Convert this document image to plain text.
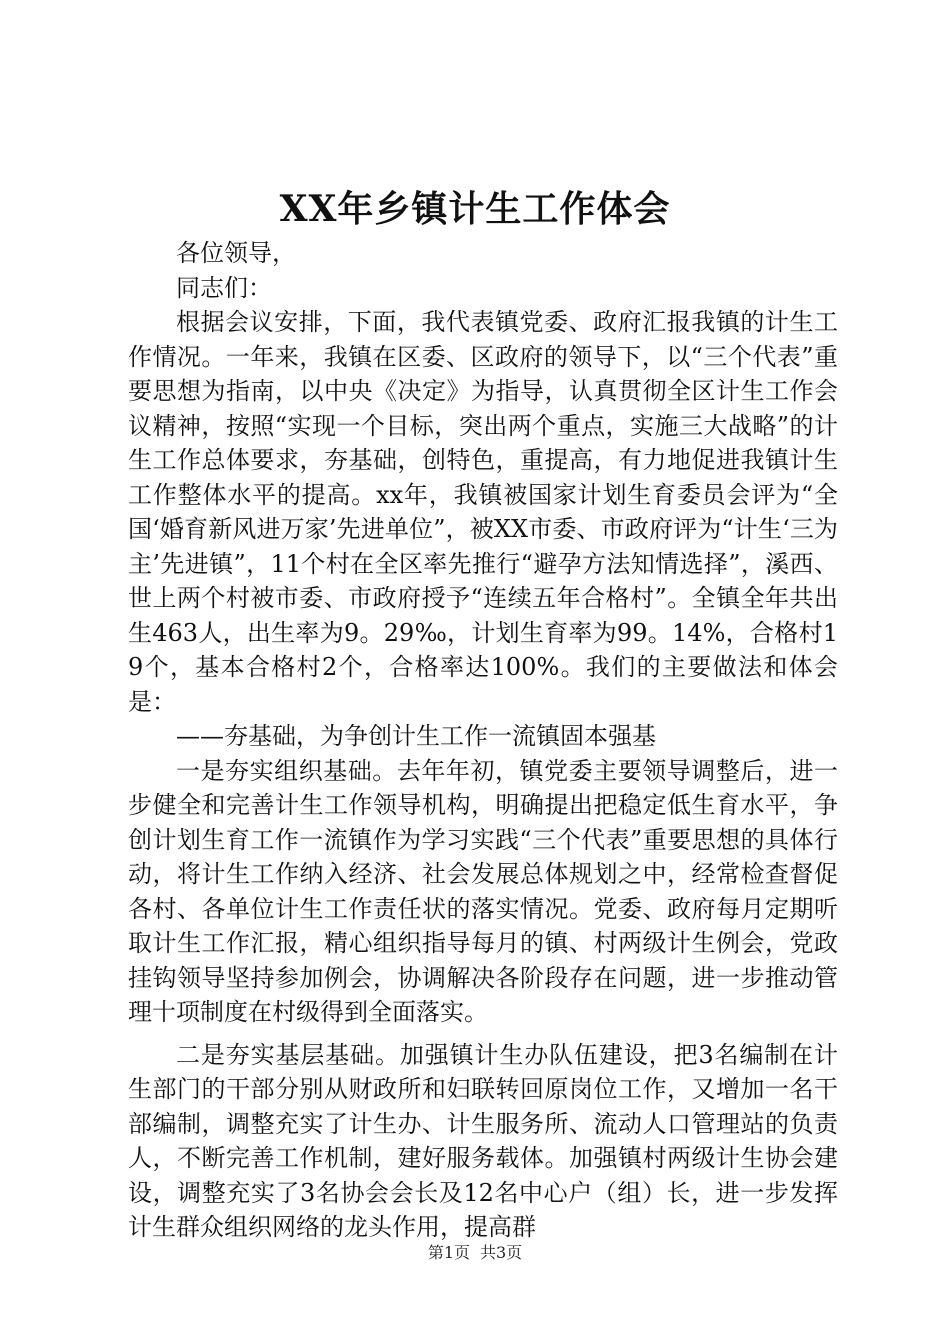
XX年乡镇计生工作体会

各位领导，

同志们：

根据会议安排，下面，我代表镇党委、政府汇报我镇的计生工作情况。一年来，我镇在区委、区政府的领导下，以“三个代表”重要思想为指南，以中央《决定》为指导，认真贯彻全区计生工作会议精神，按照“实现一个目标，突出两个重点，实施三大战略”的计生工作总体要求，夯基础，创特色，重提高，有力地促进我镇计生工作整体水平的提高。xx年，我镇被国家计划生育委员会评为“全国‘婚育新风进万家’先进单位”，被XX市委、市政府评为“计生‘三为主’先进镇”，11个村在全区率先推行“避孕方法知情选择”，溪西、世上两个村被市委、市政府授予“连续五年合格村”。全镇全年共出生463人，出生率为9。29‰，计划生育率为99。14%，合格村19个，基本合格村2个，合格率达100%。我们的主要做法和体会是：

——夯基础，为争创计生工作一流镇固本强基

一是夯实组织基础。去年年初，镇党委主要领导调整后，进一步健全和完善计生工作领导机构，明确提出把稳定低生育水平，争创计划生育工作一流镇作为学习实践“三个代表”重要思想的具体行动，将计生工作纳入经济、社会发展总体规划之中，经常检查督促各村、各单位计生工作责任状的落实情况。党委、政府每月定期听取计生工作汇报，精心组织指导每月的镇、村两级计生例会，党政挂钩领导坚持参加例会，协调解决各阶段存在问题，进一步推动管理十项制度在村级得到全面落实。

二是夯实基层基础。加强镇计生办队伍建设，把3名编制在计生部门的干部分别从财政所和妇联转回原岗位工作，又增加一名干部编制，调整充实了计生办、计生服务所、流动人口管理站的负责人，不断完善工作机制，建好服务载体。加强镇村两级计生协会建设，调整充实了3名协会会长及12名中心户（组）长，进一步发挥计生群众组织网络的龙头作用，提高群

第1页 共3页
